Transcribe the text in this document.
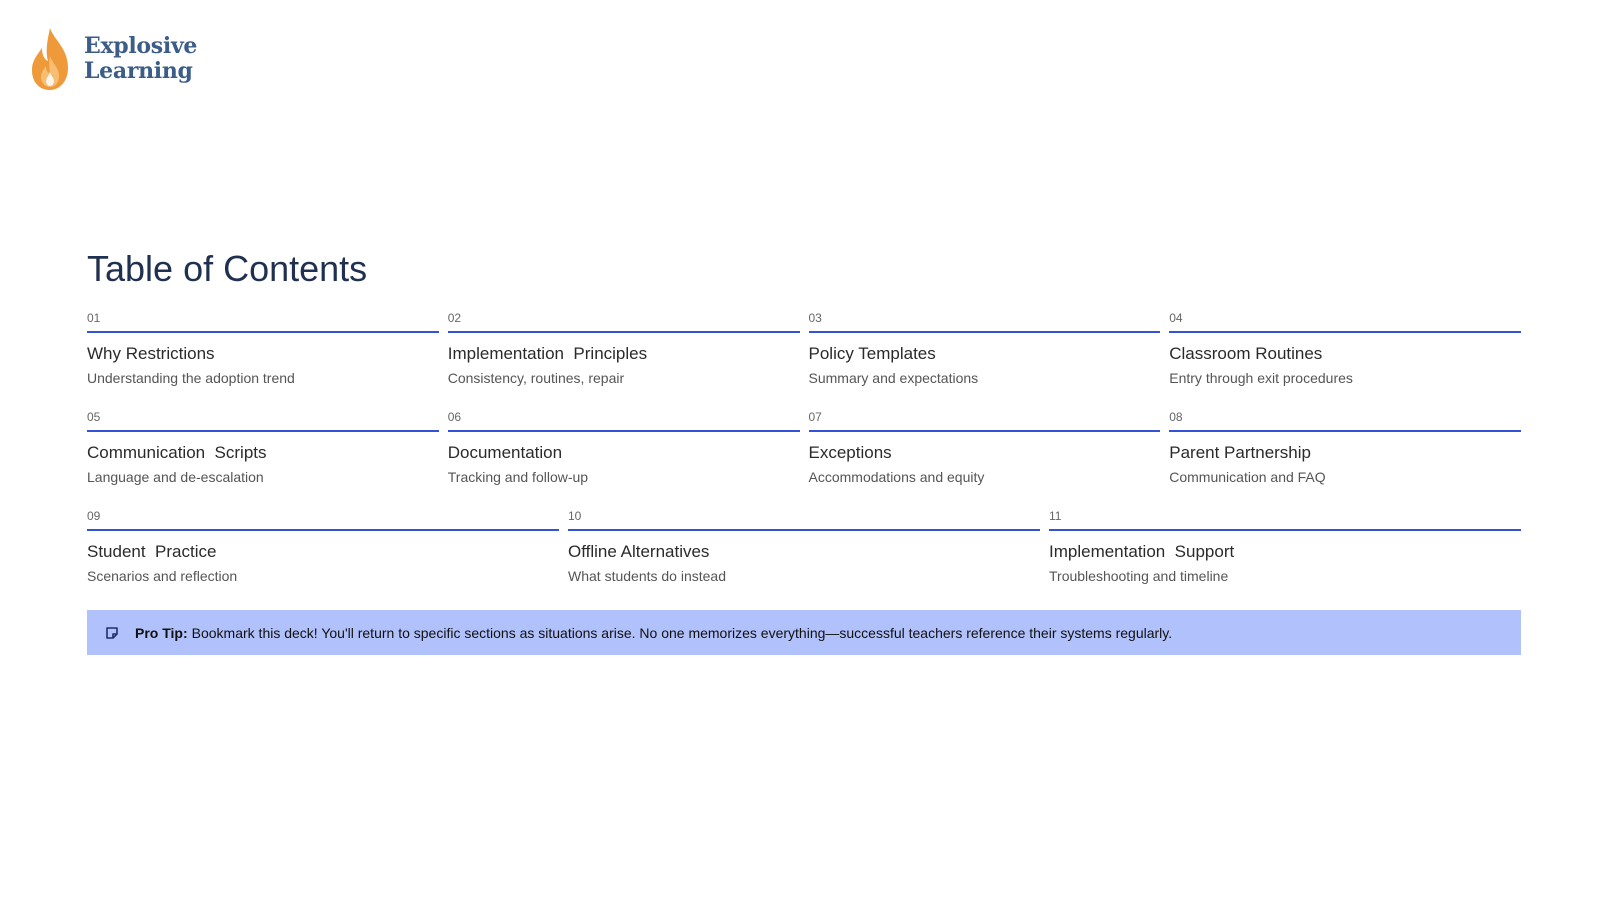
Explosive
Learning
Table of Contents
01
Why Restrictions
Understanding the adoption trend
02
Implementation  Principles
Consistency, routines, repair
03
Policy Templates
Summary and expectations
04
Classroom Routines
Entry through exit procedures
05
Communication  Scripts
Language and de-escalation
06
Documentation
Tracking and follow-up
07
Exceptions
Accommodations and equity
08
Parent Partnership
Communication and FAQ
09
Student  Practice
Scenarios and reflection
10
Offline Alternatives
What students do instead
11
Implementation  Support
Troubleshooting and timeline
Pro Tip: Bookmark this deck! You'll return to specific sections as situations arise. No one memorizes everything—successful teachers reference their systems regularly.
